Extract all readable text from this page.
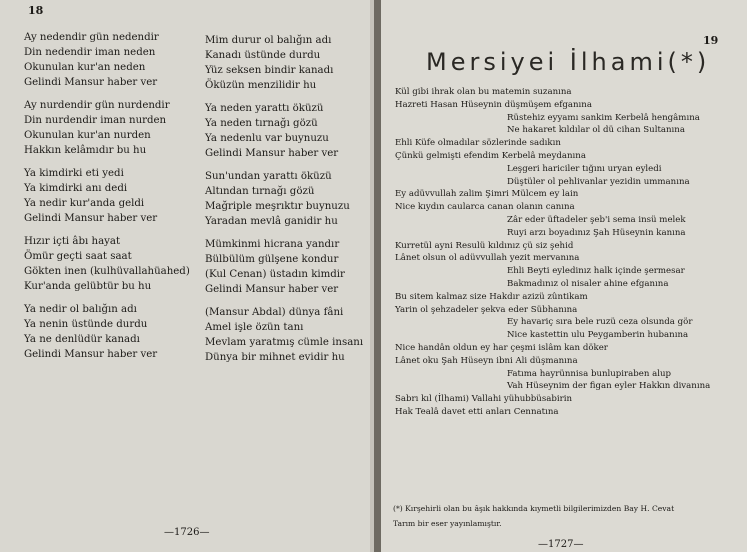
18
Ay nedendir gün nedendir
Din nedendir iman neden
Okunulan kur'an neden
Gelindi Mansur haber ver
Ay nurdendir gün nurdendir
Din nurdendir iman nurden
Okunulan kur'an nurden
Hakkın kelâmıdır bu hu
Ya kimdirki eti yedi
Ya kimdirki anı dedi
Ya nedir kur'anda geldi
Gelindi Mansur haber ver
Hızır içti âbı hayat
Ömür geçti saat saat
Gökten inen (kulhüvallahüahed)
Kur'anda gelübtür bu hu
Ya nedir ol balığın adı
Ya nenin üstünde durdu
Ya ne denlüdür kanadı
Gelindi Mansur haber ver
Mim durur ol balığın adı
Kanadı üstünde durdu
Yüz seksen bindir kanadı
Öküzün menzilidir hu
Ya neden yarattı öküzü
Ya neden tırnağı gözü
Ya nedenlu var buynuzu
Gelindi Mansur haber ver
Sun'undan yarattı öküzü
Altından tırnağı gözü
Mağriple meşrıktır buynuzu
Yaradan mevlâ ganidir hu
Mümkinmi hicrana yandır
Bülbülüm gülşene kondur
(Kul Cenan) üstadın kimdir
Gelindi Mansur haber ver
(Mansur Abdal) dünya fâni
Amel işle özün tanı
Mevlam yaratmış cümle insanı
Dünya bir mihnet evidir hu
—1726—
19
Mersiyei İlhami(*)
Kül gibi ihrak olan bu matemin suzanına
Hazreti Hasan Hüseynin düşmüşem efganına
Rüstehiz eyyamı sankim Kerbelâ hengâmına
Ne hakaret kıldılar ol dü cihan Sultanına
Ehli Küfe olmadılar sözlerinde sadıkın
Çünkü gelmişti efendim Kerbelâ meydanına
Leşgeri hariciler tığını uryan eyledi
Düştüler ol pehlivanlar yezidin ummanına
Ey adüvvullah zalim Şimri Mülcem ey lain
Nice kıydın caularca canan olanın canına
Zâr eder üftadeler şeb'i sema insü melek
Ruyi arzı boyadınız Şah Hüseynin kanına
Kurretül ayni Resulü kıldınız çü siz şehid
Lânet olsun ol adüvvullah yezit mervanına
Ehli Beyti eyledinız halk içinde şermesar
Bakmadınız ol nisaler ahine efganına
Bu sitem kalmaz size Hakdır azizü zûntikam
Yarin ol şehzadeler şekva eder Sübhanına
Ey havariç sıra bele ruzü ceza olsunda gör
Nice kastettin ulu Peygamberin hubanına
Nice handân oldun ey har çeşmi islâm kan döker
Lânet oku Şah Hüseyn ibni Ali düşmanına
Fatıma hayrünnisa bunlupiraben alup
Vah Hüseynim der figan eyler Hakkın divanına
Sabrı kıl (İlhami) Vallahi yühubbüsabirin
Hak Tealâ davet etti anları Cennatına
(*) Kırşehirli olan bu âşık hakkında kıymetli bilgilerimizden Bay H. Cevat
Tarım bir eser yayınlamıştır.
—1727—
